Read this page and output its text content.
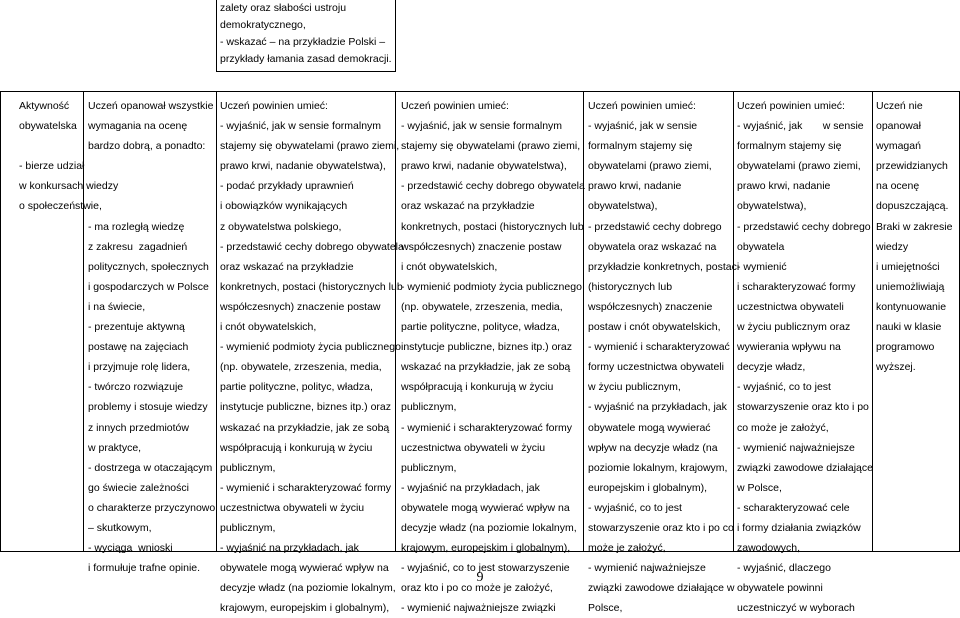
zalety oraz słabości ustroju
demokratycznego,
- wskazać – na przykładzie Polski –
przykłady łamania zasad demokracji.
Aktywność
obywatelska

- bierze udział
w konkursach wiedzy
o społeczeństwie,
Uczeń opanował wszystkie
wymagania na ocenę
bardzo dobrą, a ponadto:

- ma rozległą wiedzę
z zakresu  zagadnień
politycznych, społecznych
i gospodarczych w Polsce
i na świecie,
- prezentuje aktywną
postawę na zajęciach
i przyjmuje rolę lidera,
- twórczo rozwiązuje
problemy i stosuje wiedzy
z innych przedmiotów
w praktyce,
- dostrzega w otaczającym
go świecie zależności
o charakterze przyczynowo
– skutkowym,
- wyciąga  wnioski
i formułuje trafne opinie.
Uczeń powinien umieć:
- wyjaśnić, jak w sensie formalnym
stajemy się obywatelami (prawo ziemi,
prawo krwi, nadanie obywatelstwa),
- podać przykłady uprawnień
i obowiązków wynikających
z obywatelstwa polskiego,
- przedstawić cechy dobrego obywatela
oraz wskazać na przykładzie
konkretnych, postaci (historycznych lub
współczesnych) znaczenie postaw
i cnót obywatelskich,
- wymienić podmioty życia publicznego
(np. obywatele, zrzeszenia, media,
partie polityczne, polityc, władza,
instytucje publiczne, biznes itp.) oraz
wskazać na przykładzie, jak ze sobą
współpracują i konkurują w życiu
publicznym,
- wymienić i scharakteryzować formy
uczestnictwa obywateli w życiu
publicznym,
- wyjaśnić na przykładach, jak
obywatele mogą wywierać wpływ na
decyzje władz (na poziomie lokalnym,
krajowym, europejskim i globalnym),
Uczeń powinien umieć:
- wyjaśnić, jak w sensie formalnym
stajemy się obywatelami (prawo ziemi,
prawo krwi, nadanie obywatelstwa),
- przedstawić cechy dobrego obywatela
oraz wskazać na przykładzie
konkretnych, postaci (historycznych lub
współczesnych) znaczenie postaw
i cnót obywatelskich,
- wymienić podmioty życia publicznego
(np. obywatele, zrzeszenia, media,
partie polityczne, polityce, władza,
instytucje publiczne, biznes itp.) oraz
wskazać na przykładzie, jak ze sobą
współpracują i konkurują w życiu
publicznym,
- wymienić i scharakteryzować formy
uczestnictwa obywateli w życiu
publicznym,
- wyjaśnić na przykładach, jak
obywatele mogą wywierać wpływ na
decyzje władz (na poziomie lokalnym,
krajowym, europejskim i globalnym),
- wyjaśnić, co to jest stowarzyszenie
oraz kto i po co może je założyć,
- wymienić najważniejsze związki
Uczeń powinien umieć:
- wyjaśnić, jak w sensie
formalnym stajemy się
obywatelami (prawo ziemi,
prawo krwi, nadanie
obywatelstwa),
- przedstawić cechy dobrego
obywatela oraz wskazać na
przykładzie konkretnych, postaci
(historycznych lub
współczesnych) znaczenie
postaw i cnót obywatelskich,
- wymienić i scharakteryzować
formy uczestnictwa obywateli
w życiu publicznym,
- wyjaśnić na przykładach, jak
obywatele mogą wywierać
wpływ na decyzje władz (na
poziomie lokalnym, krajowym,
europejskim i globalnym),
- wyjaśnić, co to jest
stowarzyszenie oraz kto i po co
może je założyć,
- wymienić najważniejsze
związki zawodowe działające w
Polsce,
Uczeń powinien umieć:
- wyjaśnić, jak       w sensie
formalnym stajemy się
obywatelami (prawo ziemi,
prawo krwi, nadanie
obywatelstwa),
- przedstawić cechy dobrego
obywatela
- wymienić
i scharakteryzować formy
uczestnictwa obywateli
w życiu publicznym oraz
wywierania wpływu na
decyzje władz,
- wyjaśnić, co to jest
stowarzyszenie oraz kto i po
co może je założyć,
- wymienić najważniejsze
związki zawodowe działające
w Polsce,
- scharakteryzować cele
i formy działania związków
zawodowych,
- wyjaśnić, dlaczego
obywatele powinni
uczestniczyć w wyborach
Uczeń nie
opanował
wymagań
przewidzianych
na ocenę
dopuszczającą.
Braki w zakresie
wiedzy
i umiejętności
uniemożliwiają
kontynuowanie
nauki w klasie
programowo
wyższej.
9
